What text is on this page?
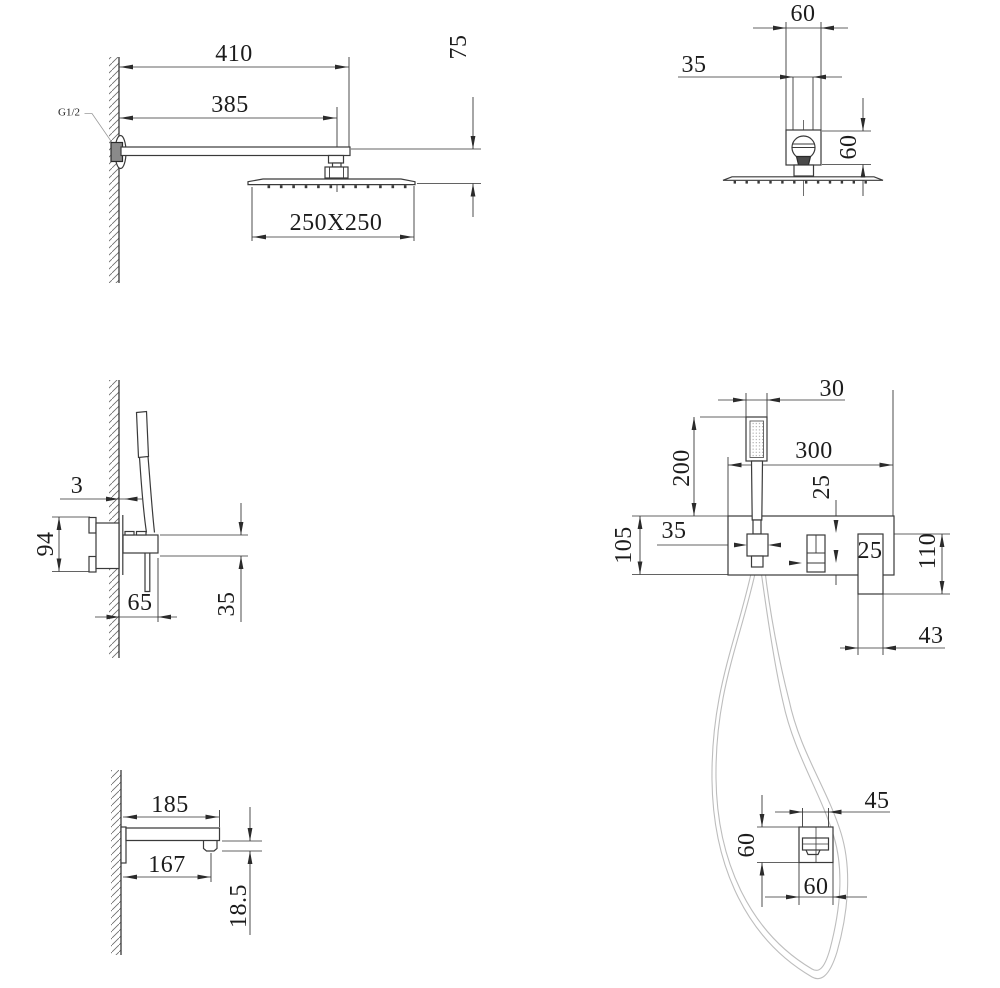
410
385
75
250X250
G1/2
60
35
60
3
94
65	35
30
300
200
25
105 35
25 110
43
185
167
18.5
45
60
60
